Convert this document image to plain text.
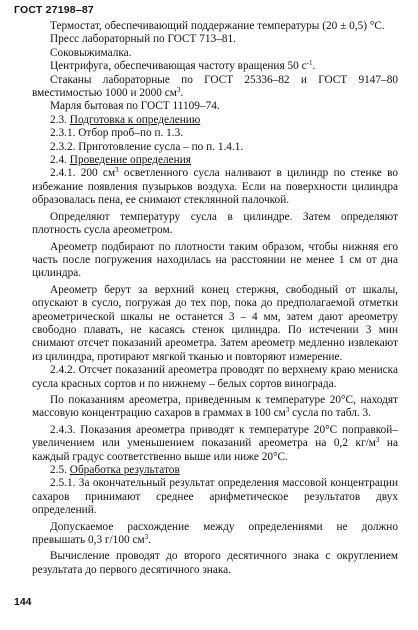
ГОСТ 27198–87

Термостат, обеспечивающий поддержание температуры (20 ± 0,5) °С.

Пресс лабораторный по ГОСТ 713–81.

Соковыжималка.

Центрифуга, обеспечивающая частоту вращения 50 $с^{-1}$.

Стаканы лабораторные по ГОСТ 25336–82 и ГОСТ 9147–80 вместимостью 1000 и 2000 $см^3$.

Марля бытовая по ГОСТ 11109–74.

2.3. Подготовка к определению

2.3.1. Отбор проб–по п. 1.3.

2.3.2. Приготовление сусла – по п. 1.4.1.

2.4. Проведение определения

2.4.1. 200 $см^3$ осветленного сусла наливают в цилиндр по стенке во избежание появления пузырьков воздуха. Если на поверхности цилиндра образовалась пена, ее снимают стеклянной палочкой.

Определяют температуру сусла в цилиндре. Затем определяют плотность сусла ареометром.

Ареометр подбирают по плотности таким образом, чтобы нижняя его часть после погружения находилась на расстоянии не менее 1 см от дна цилиндра.

Ареометр берут за верхний конец стержня, свободный от шкалы, опускают в сусло, погружая до тех пор, пока до предполагаемой отметки ареометрической шкалы не останется 3 – 4 мм, затем дают ареометру свободно плавать, не касаясь стенок цилиндра. По истечении 3 мин снимают отсчет показаний ареометра. Затем ареометр медленно извлекают из цилиндра, протирают мягкой тканью и повторяют измерение.

2.4.2. Отсчет показаний ареометра проводят по верхнему краю мениска сусла красных сортов и по нижнему – белых сортов винограда.

По показаниям ареометра, приведенным к температуре 20°С, находят массовую концентрацию сахаров в граммах в 100 $см^3$ сусла по табл. 3.

2.4.3. Показания ареометра приводят к температуре 20°С поправкой–увеличением или уменьшением показаний ареометра на 0,2 $кг/м^3$ на каждый градус соответственно выше или ниже 20°С.

2.5. Обработка результатов

2.5.1. За окончательный результат определения массовой концентрации сахаров принимают среднее арифметическое результатов двух определений.

Допускаемое расхождение между определениями не должно превышать 0,3 г/100 $см^3$.

Вычисление проводят до второго десятичного знака с округлением результата до первого десятичного знака.

144
